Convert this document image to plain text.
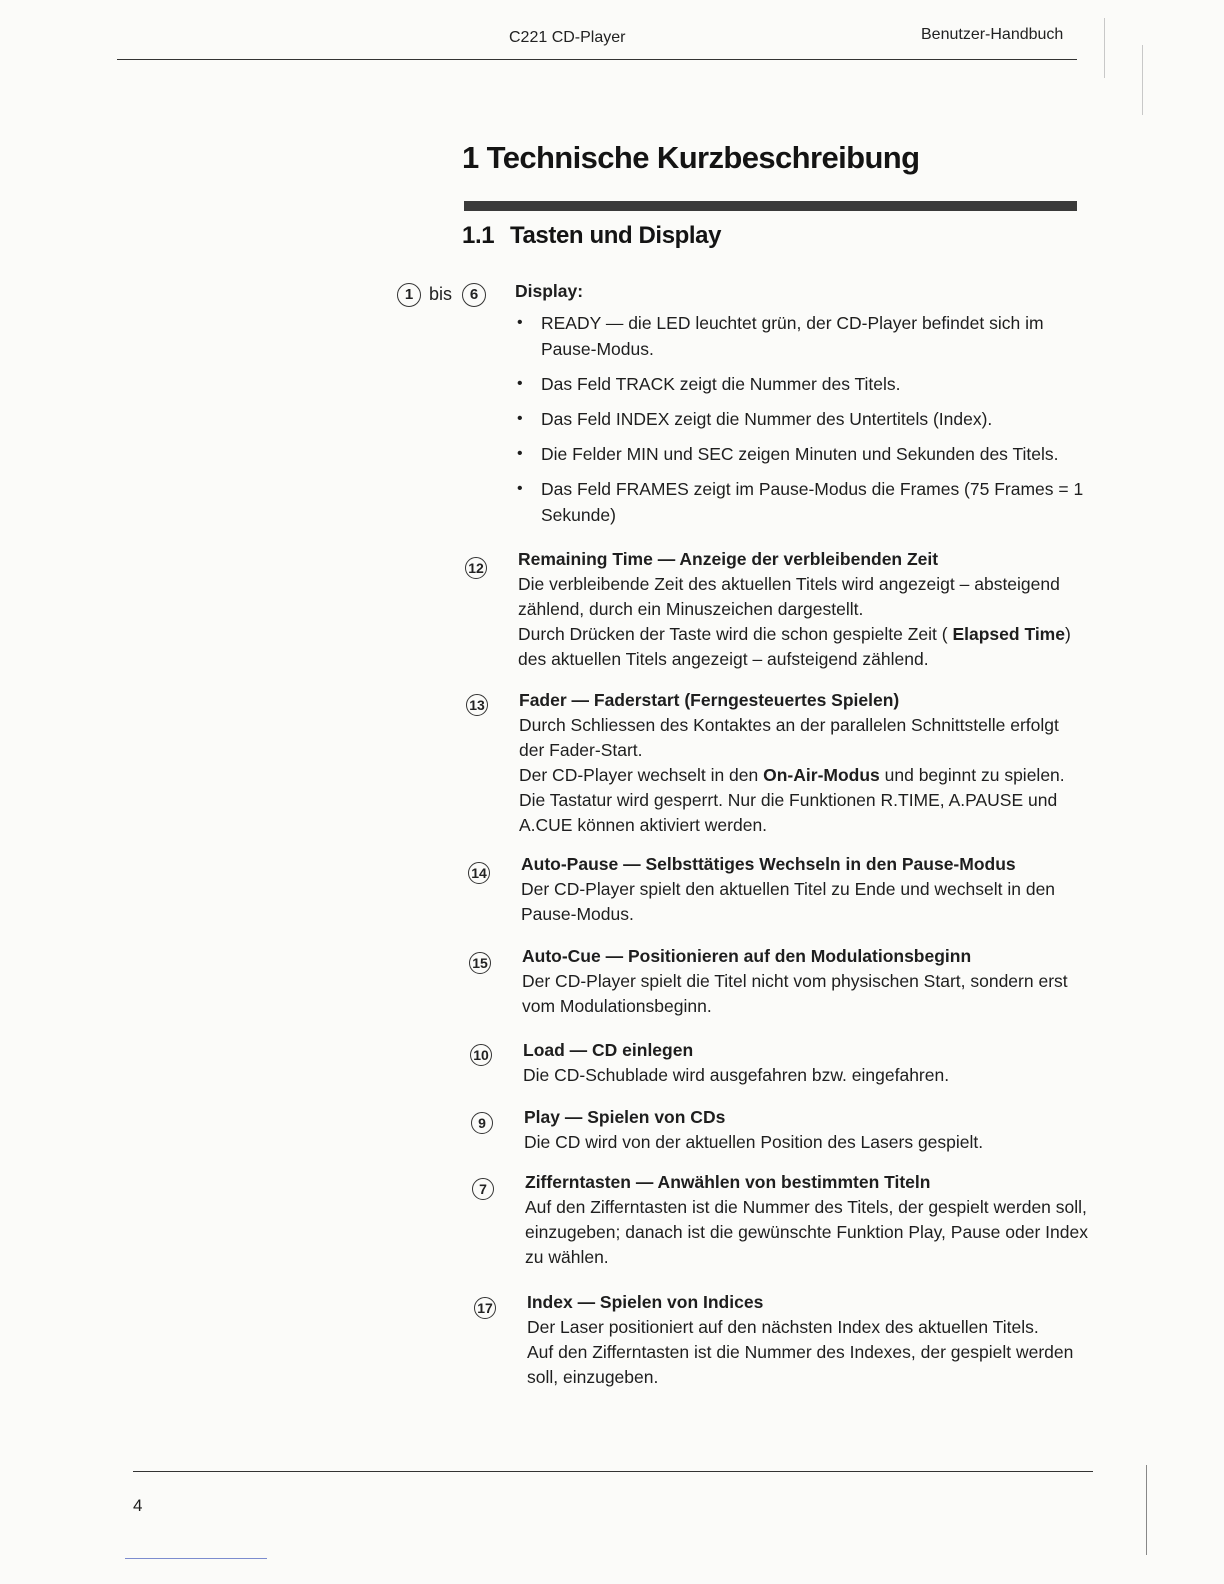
C221 CD-Player	Benutzer-Handbuch
1 Technische Kurzbeschreibung
1.1 Tasten und Display
1 bis	6	Display:
• READY — die LED leuchtet grün, der CD-Player befindet sich im Pause-Modus.
• Das Feld TRACK zeigt die Nummer des Titels.
• Das Feld INDEX zeigt die Nummer des Untertitels (Index).
• Die Felder MIN und SEC zeigen Minuten und Sekunden des Titels.
• Das Feld FRAMES zeigt im Pause-Modus die Frames (75 Frames = 1 Sekunde)
12 Remaining Time — Anzeige der verbleibenden Zeit

Die verbleibende Zeit des aktuellen Titels wird angezeigt – absteigend zählend, durch ein Minuszeichen dargestellt.

Durch Drücken der Taste wird die schon gespielte Zeit ( Elapsed Time) des aktuellen Titels angezeigt – aufsteigend zählend.

13 Fader — Faderstart (Ferngesteuertes Spielen)

Durch Schliessen des Kontaktes an der parallelen Schnittstelle erfolgt der Fader-Start.

Der CD-Player wechselt in den On-Air-Modus und beginnt zu spielen. Die Tastatur wird gesperrt. Nur die Funktionen R.TIME, A.PAUSE und A.CUE können aktiviert werden.

14 Auto-Pause — Selbsttätiges Wechseln in den Pause-Modus

Der CD-Player spielt den aktuellen Titel zu Ende und wechselt in den Pause-Modus.

15 Auto-Cue — Positionieren auf den Modulationsbeginn

Der CD-Player spielt die Titel nicht vom physischen Start, sondern erst vom Modulationsbeginn.

10 Load — CD einlegen

Die CD-Schublade wird ausgefahren bzw. eingefahren.

9	Play — Spielen von CDs

Die CD wird von der aktuellen Position des Lasers gespielt.

7	Zifferntasten — Anwählen von bestimmten Titeln

Auf den Zifferntasten ist die Nummer des Titels, der gespielt werden soll, einzugeben; danach ist die gewünschte Funktion Play, Pause oder Index zu wählen.

17 Index — Spielen von Indices

Der Laser positioniert auf den nächsten Index des aktuellen Titels.

Auf den Zifferntasten ist die Nummer des Indexes, der gespielt werden soll, einzugeben.

4
